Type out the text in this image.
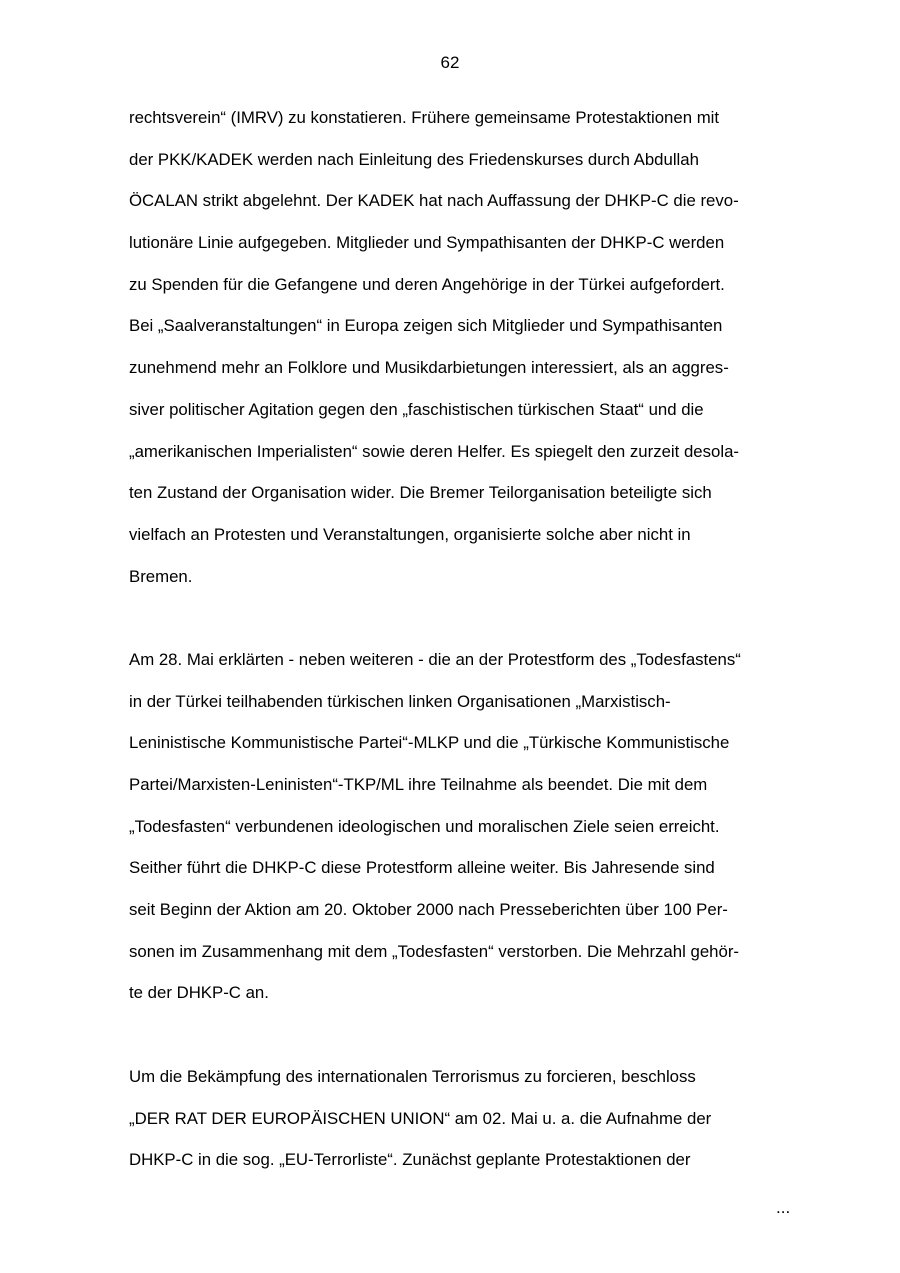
62
rechtsverein“ (IMRV) zu konstatieren. Frühere gemeinsame Protestaktionen mit
der PKK/KADEK werden nach Einleitung des Friedenskurses durch Abdullah
ÖCALAN strikt abgelehnt. Der KADEK hat nach Auffassung der DHKP-C die revo-
lutionäre Linie aufgegeben. Mitglieder und Sympathisanten der DHKP-C werden
zu Spenden für die Gefangene und deren Angehörige in der Türkei aufgefordert.
Bei „Saalveranstaltungen“ in Europa zeigen sich Mitglieder und Sympathisanten
zunehmend mehr an Folklore und Musikdarbietungen interessiert, als an aggres-
siver politischer Agitation gegen den „faschistischen türkischen Staat“ und die
„amerikanischen Imperialisten“ sowie deren Helfer. Es spiegelt den zurzeit desola-
ten Zustand der Organisation wider. Die Bremer Teilorganisation beteiligte sich
vielfach an Protesten und Veranstaltungen, organisierte solche aber nicht in
Bremen.
Am 28. Mai erklärten - neben weiteren - die an der Protestform des „Todesfastens“
in der Türkei teilhabenden türkischen linken Organisationen „Marxistisch-
Leninistische Kommunistische Partei“-MLKP und die „Türkische Kommunistische
Partei/Marxisten-Leninisten“-TKP/ML ihre Teilnahme als beendet. Die mit dem
„Todesfasten“ verbundenen ideologischen und moralischen Ziele seien erreicht.
Seither führt die DHKP-C diese Protestform alleine weiter. Bis Jahresende sind
seit Beginn der Aktion am 20. Oktober 2000 nach Presseberichten über 100 Per-
sonen im Zusammenhang mit dem „Todesfasten“ verstorben. Die Mehrzahl gehör-
te der DHKP-C an.
Um die Bekämpfung des internationalen Terrorismus zu forcieren, beschloss
„DER RAT DER EUROPÄISCHEN UNION“ am 02. Mai u. a. die Aufnahme der
DHKP-C in die sog. „EU-Terrorliste“. Zunächst geplante Protestaktionen der
...
